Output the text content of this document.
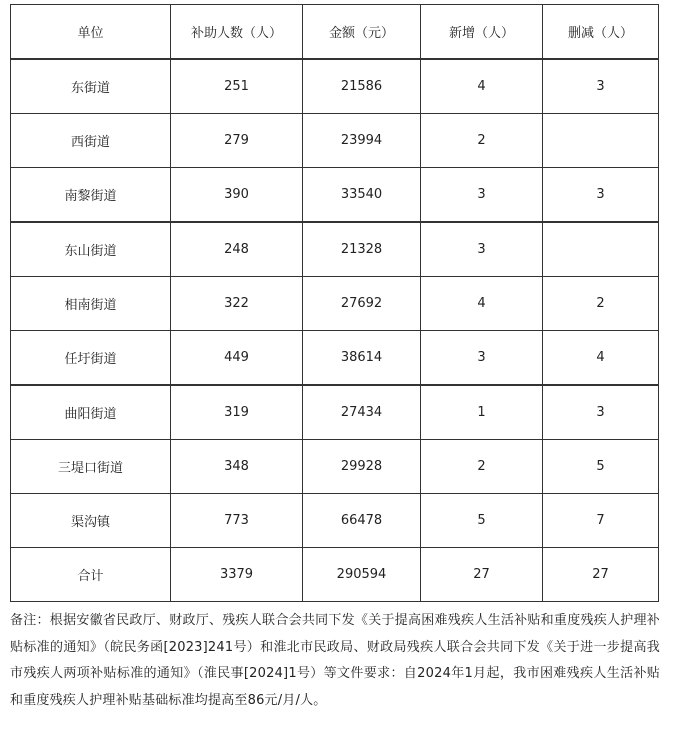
单位	补助人数（人）	金额（元）	新增（人）	删减（人）
东街道	251	21586	4	3
西街道	279	23994	2	
南黎街道	390	33540	3	3
东山街道	248	21328	3	
相南街道	322	27692	4	2
任圩街道	449	38614	3	4
曲阳街道	319	27434	1	3
三堤口街道	348	29928	2	5
渠沟镇	773	66478	5	7
合计	3379	290594	27	27
备注：根据安徽省民政厅、财政厅、残疾人联合会共同下发《关于提高困难残疾人生活补贴和重度残疾人护理补贴标准的通知》（皖民务函[2023]241号）和淮北市民政局、财政局残疾人联合会共同下发《关于进一步提高我市残疾人两项补贴标准的通知》（淮民事[2024]1号）等文件要求：自2024年1月起，我市困难残疾人生活补贴和重度残疾人护理补贴基础标准均提高至86元/月/人。
